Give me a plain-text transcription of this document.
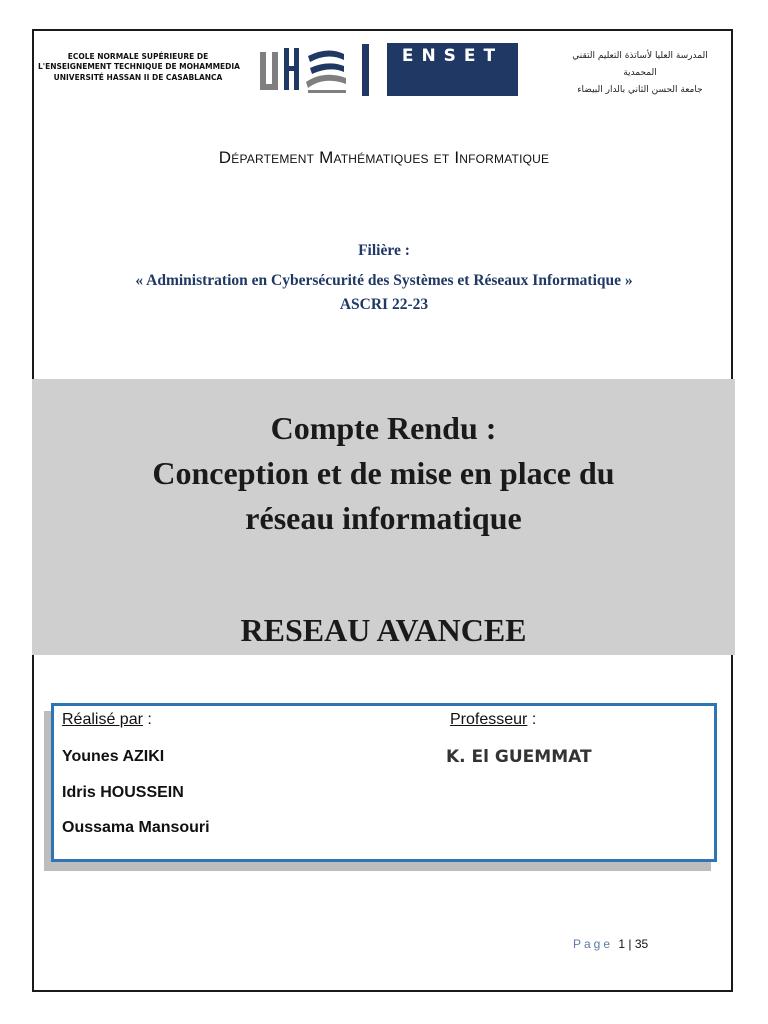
ECOLE NORMALE SUPÉRIEURE DE
L'ENSEIGNEMENT TECHNIQUE DE MOHAMMEDIA
UNIVERSITÉ HASSAN II DE CASABLANCA
ENSET	المدرسة العليا لأساتذة التعليم التقني
المحمدية
جامعة الحسن الثاني بالدار البيضاء
Département Mathématiques et Informatique
Filière :
« Administration en Cybersécurité des Systèmes et Réseaux Informatique »
ASCRI 22-23
Compte Rendu :
Conception et de mise en place du
réseau informatique
RESEAU AVANCEE
Réalisé par :
Younes AZIKI
Idris HOUSSEIN
Oussama Mansouri
Professeur :
K. El GUEMMAT
Page 1 | 35
